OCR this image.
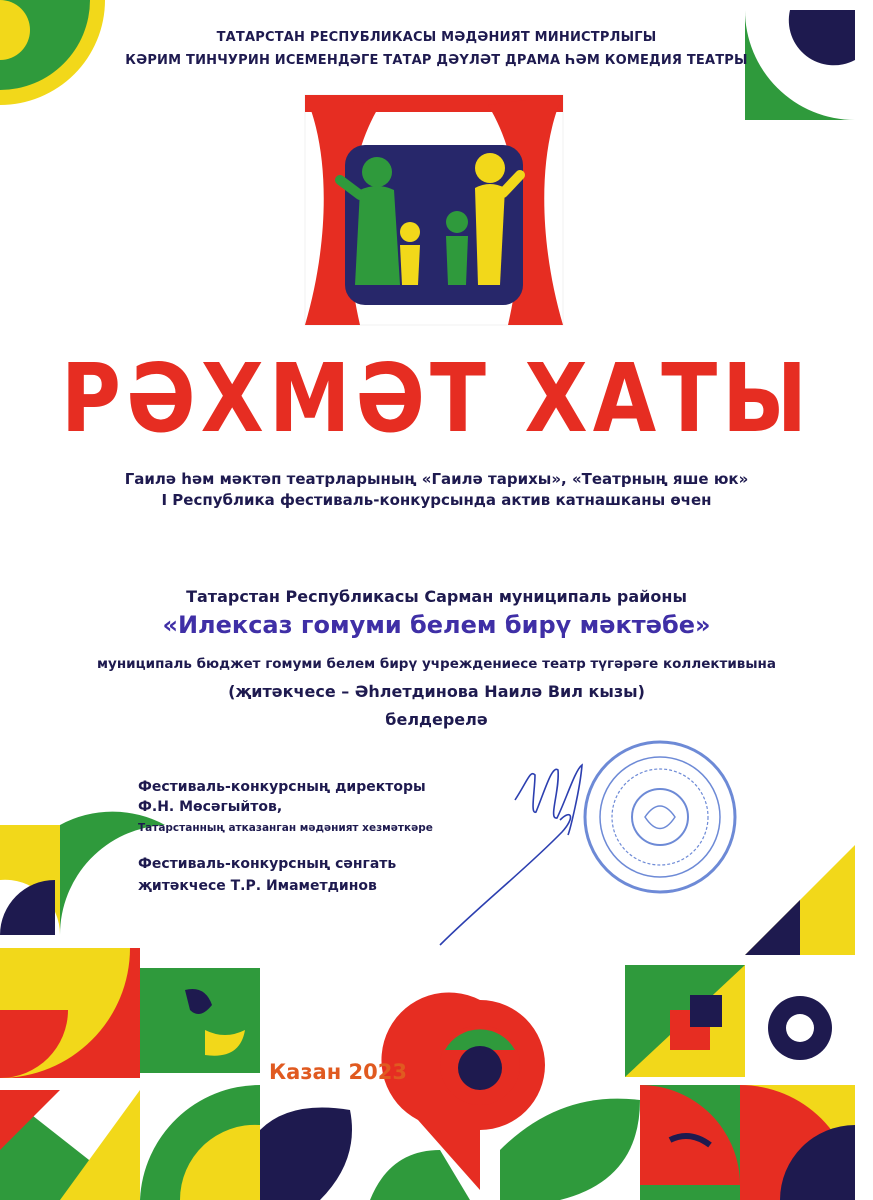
ТАТАРСТАН РЕСПУБЛИКАСЫ МӘДӘНИЯТ МИНИСТРЛЫГЫ

КӘРИМ ТИНЧУРИН ИСЕМЕНДӘГЕ ТАТАР ДӘҮЛӘТ ДРАМА ҺӘМ КОМЕДИЯ ТЕАТРЫ

РӘХМӘТ ХАТЫ

Гаилә һәм мәктәп театрларының «Гаилә тарихы», «Театрның яше юк»

I Республика фестиваль-конкурсында актив катнашканы өчен

Татарстан Республикасы Сарман муниципаль районы

«Илексаз гомуми белем бирү мәктәбе»

муниципаль бюджет гомуми белем бирү учреждениесе театр түгәрәге коллективына

(җитәкчесе – Әһлетдинова Наилә Вил кызы)

белдерелә

Фестиваль-конкурсның директоры

Ф.Н. Мөсәгыйтов,

Татарстанның атказанган мәдәният хезмәткәре

Фестиваль-конкурсның сәнгать

җитәкчесе Т.Р. Имаметдинов

Казан 2023
